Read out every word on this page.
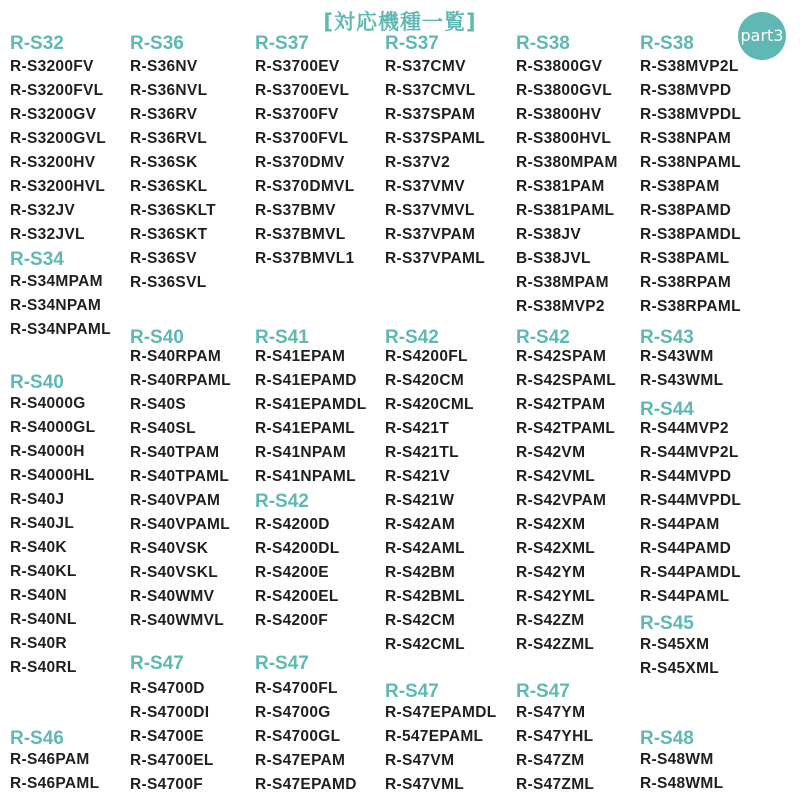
[対応機種一覧]
part3
R-S32
R-S3200FV
R-S3200FVL
R-S3200GV
R-S3200GVL
R-S3200HV
R-S3200HVL
R-S32JV
R-S32JVL
R-S34
R-S34MPAM
R-S34NPAM
R-S34NPAML
R-S40
R-S4000G
R-S4000GL
R-S4000H
R-S4000HL
R-S40J
R-S40JL
R-S40K
R-S40KL
R-S40N
R-S40NL
R-S40R
R-S40RL
R-S46
R-S46PAM
R-S46PAML
R-S36
R-S36NV
R-S36NVL
R-S36RV
R-S36RVL
R-S36SK
R-S36SKL
R-S36SKLT
R-S36SKT
R-S36SV
R-S36SVL
R-S40
R-S40RPAM
R-S40RPAML
R-S40S
R-S40SL
R-S40TPAM
R-S40TPAML
R-S40VPAM
R-S40VPAML
R-S40VSK
R-S40VSKL
R-S40WMV
R-S40WMVL
R-S47
R-S4700D
R-S4700DI
R-S4700E
R-S4700EL
R-S4700F
R-S37
R-S3700EV
R-S3700EVL
R-S3700FV
R-S3700FVL
R-S370DMV
R-S370DMVL
R-S37BMV
R-S37BMVL
R-S37BMVL1
R-S41
R-S41EPAM
R-S41EPAMD
R-S41EPAMDL
R-S41EPAML
R-S41NPAM
R-S41NPAML
R-S42
R-S4200D
R-S4200DL
R-S4200E
R-S4200EL
R-S4200F
R-S47
R-S4700FL
R-S4700G
R-S4700GL
R-S47EPAM
R-S47EPAMD
R-S37
R-S37CMV
R-S37CMVL
R-S37SPAM
R-S37SPAML
R-S37V2
R-S37VMV
R-S37VMVL
R-S37VPAM
R-S37VPAML
R-S42
R-S4200FL
R-S420CM
R-S420CML
R-S421T
R-S421TL
R-S421V
R-S421W
R-S42AM
R-S42AML
R-S42BM
R-S42BML
R-S42CM
R-S42CML
R-S47
R-S47EPAMDL
R-547EPAML
R-S47VM
R-S47VML
R-S38
R-S3800GV
R-S3800GVL
R-S3800HV
R-S3800HVL
R-S380MPAM
R-S381PAM
R-S381PAML
R-S38JV
B-S38JVL
R-S38MPAM
R-S38MVP2
R-S42
R-S42SPAM
R-S42SPAML
R-S42TPAM
R-S42TPAML
R-S42VM
R-S42VML
R-S42VPAM
R-S42XM
R-S42XML
R-S42YM
R-S42YML
R-S42ZM
R-S42ZML
R-S47
R-S47YM
R-S47YHL
R-S47ZM
R-S47ZML
R-S38
R-S38MVP2L
R-S38MVPD
R-S38MVPDL
R-S38NPAM
R-S38NPAML
R-S38PAM
R-S38PAMD
R-S38PAMDL
R-S38PAML
R-S38RPAM
R-S38RPAML
R-S43
R-S43WM
R-S43WML
R-S44
R-S44MVP2
R-S44MVP2L
R-S44MVPD
R-S44MVPDL
R-S44PAM
R-S44PAMD
R-S44PAMDL
R-S44PAML
R-S45
R-S45XM
R-S45XML
R-S48
R-S48WM
R-S48WML
